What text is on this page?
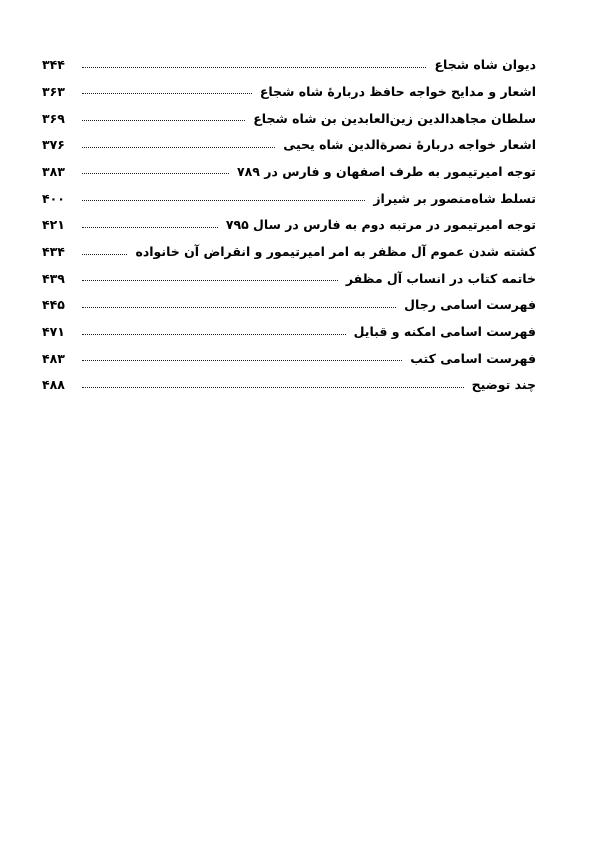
دیوان شاه شجاع
۳۴۴
اشعار و مدایح خواجه حافظ دربارهٔ شاه شجاع
۳۶۳
سلطان مجاهدالدین زین‌العابدین بن شاه شجاع
۳۶۹
اشعار خواجه دربارهٔ نصرةالدین شاه یحیی
۳۷۶
توجه امیرتیمور به طرف اصفهان و فارس در ۷۸۹
۳۸۳
تسلط شاه‌منصور بر شیراز
۴۰۰
توجه امیرتیمور در مرتبه دوم به فارس در سال ۷۹۵
۴۲۱
کشته شدن عموم آل مظفر به امر امیرتیمور و انقراض آن خانواده
۴۳۴
خاتمه کتاب در انساب آل مظفر
۴۳۹
فهرست اسامی رجال
۴۴۵
فهرست اسامی امکنه و قبایل
۴۷۱
فهرست اسامی کتب
۴۸۳
چند توضیح
۴۸۸
